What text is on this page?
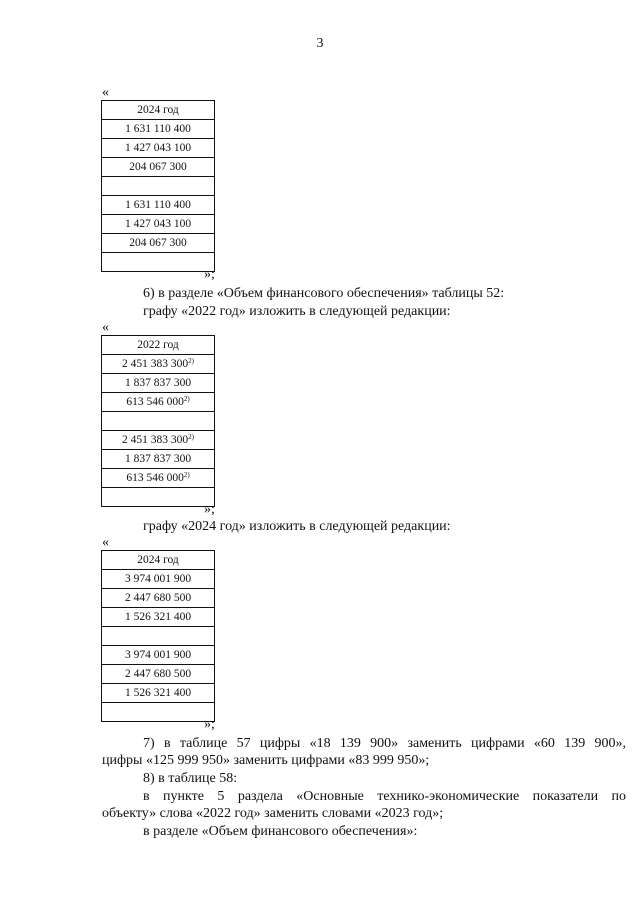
3
«
2024 год
1 631 110 400
1 427 043 100
204 067 300

1 631 110 400
1 427 043 100
204 067 300

»;
6) в разделе «Объем финансового обеспечения» таблицы 52:
графу «2022 год» изложить в следующей редакции:
«
2022 год
2 451 383 300$^{2)}$
1 837 837 300
613 546 000$^{2)}$

2 451 383 300$^{2)}$
1 837 837 300
613 546 000$^{2)}$

»;
графу «2024 год» изложить в следующей редакции:
«
2024 год
3 974 001 900
2 447 680 500
1 526 321 400

3 974 001 900
2 447 680 500
1 526 321 400

»;
7) в таблице 57 цифры «18 139 900» заменить цифрами «60 139 900»,
цифры «125 999 950» заменить цифрами «83 999 950»;
8) в таблице 58:
в пункте 5 раздела «Основные технико-экономические показатели по
объекту» слова «2022 год» заменить словами «2023 год»;
в разделе «Объем финансового обеспечения»:
